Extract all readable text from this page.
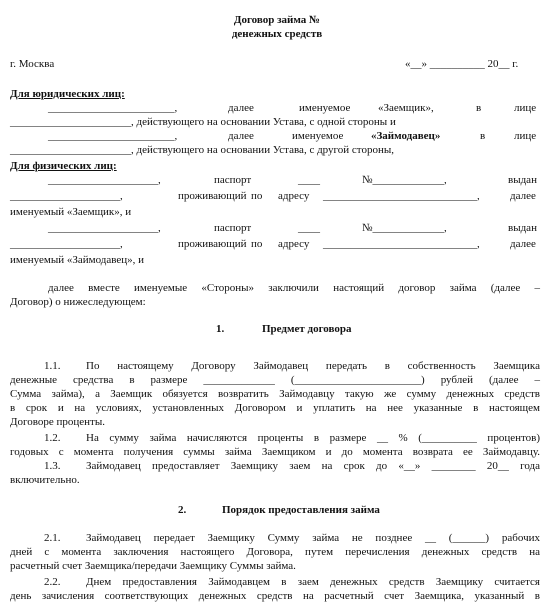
Договор займа №
денежных средств
г. Москва	«__» __________ 20__ г.
Для юридических лиц:
_______________________,	далее	именуемое	«Заемщик»,	в	лице
______________________, действующего на основании Устава, с одной стороны и
_______________________,	далее	именуемое	«Займодавец»	в	лице
______________________, действующего на основании Устава, с другой стороны,
Для физических лиц:
____________________,	паспорт	____	№_____________,	выдан
____________________,	проживающий по адресу ____________________________,	далее
именуемый «Заемщик», и
____________________,	паспорт	____	№_____________,	выдан
____________________,	проживающий по адресу ____________________________,	далее
именуемый «Займодавец», и
далее вместе именуемые «Стороны» заключили настоящий договор займа (далее –
Договор) о нижеследующем:
1.	Предмет договора
1.1. По настоящему Договору Займодавец передать в собственность Заемщика
денежные средства в размере _____________ (_______________________) рублей (далее –
Сумма займа), а Заемщик обязуется возвратить Займодавцу такую же сумму денежных средств
в срок и на условиях, установленных Договором и уплатить на нее указанные в настоящем
Договоре проценты.
1.2. На сумму займа начисляются проценты в размере __ % (__________ процентов)
годовых с момента получения суммы займа Заемщиком и до момента возврата ее Займодавцу.
1.3. Займодавец предоставляет Заемщику заем на срок до «__» ________ 20__ года
включительно.
2.	Порядок предоставления займа
2.1. Займодавец передает Заемщику Сумму займа не позднее __ (______) рабочих
дней с момента заключения настоящего Договора, путем перечисления денежных средств на
расчетный счет Заемщика/передачи Заемщику Суммы займа.
2.2. Днем предоставления Займодавцем в заем денежных средств Заемщику считается
день зачисления соответствующих денежных средств на расчетный счет Заемщика, указанный в
